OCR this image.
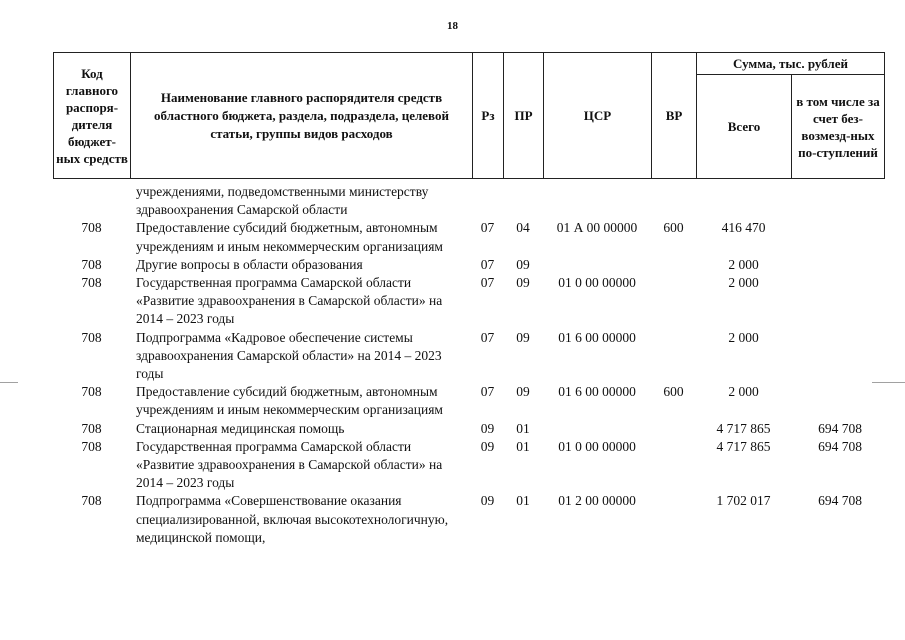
18
Код главного распоря-дителя бюджет-ных средств	Наименование главного распорядителя средств областного бюджета, раздела, подраздела, целевой статьи, группы видов расходов	Рз	ПР	ЦСР	ВР	Сумма, тыс. рублей	
						Всего	в том числе за счет без-возмезд-ных по-ступлений
	учреждениями, подведомственными министерству здравоохранения Самарской области						
708	Предоставление субсидий бюджетным, автономным учреждениям и иным некоммерческим организациям	07	04	01 А 00 00000	600	416 470	
708	Другие вопросы в области образования	07	09			2 000	
708	Государственная программа Самарской области «Развитие здравоохранения в Самарской области» на 2014 – 2023 годы	07	09	01 0 00 00000		2 000	
708	Подпрограмма «Кадровое обеспечение системы здравоохранения Самарской области» на 2014 – 2023 годы	07	09	01 6 00 00000		2 000	
708	Предоставление субсидий бюджетным, автономным учреждениям и иным некоммерческим организациям	07	09	01 6 00 00000	600	2 000	
708	Стационарная медицинская помощь	09	01			4 717 865	694 708
708	Государственная программа Самарской области «Развитие здравоохранения в Самарской области» на 2014 – 2023 годы	09	01	01 0 00 00000		4 717 865	694 708
708	Подпрограмма «Совершенствование оказания специализированной, включая высокотехнологичную, медицинской помощи,	09	01	01 2 00 00000		1 702 017	694 708
